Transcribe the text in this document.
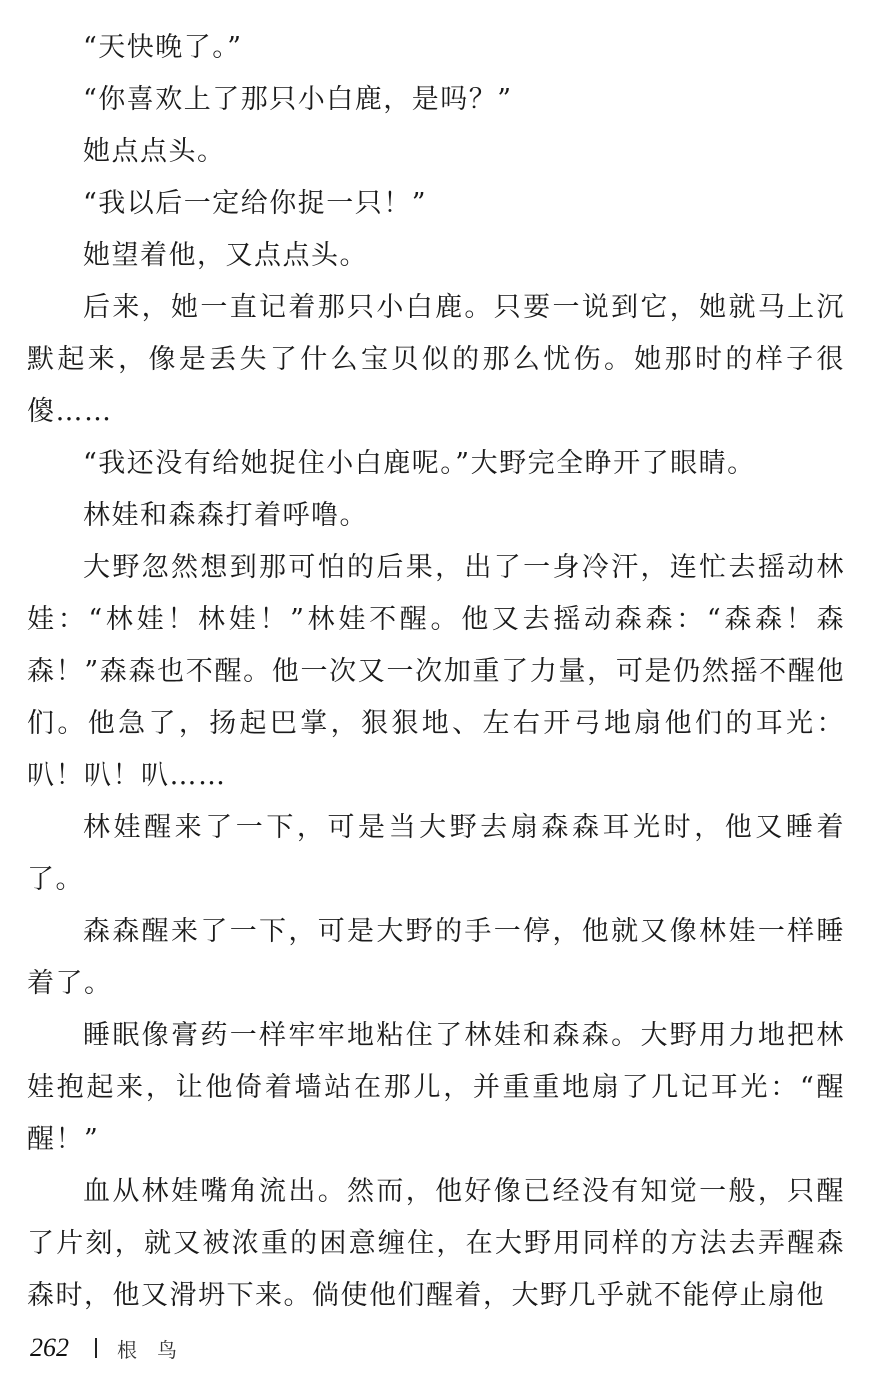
“天快晚了。”

“你喜欢上了那只小白鹿，是吗？”

她点点头。

“我以后一定给你捉一只！”

她望着他，又点点头。

后来，她一直记着那只小白鹿。只要一说到它，她就马上沉默起来，像是丢失了什么宝贝似的那么忧伤。她那时的样子很傻……

“我还没有给她捉住小白鹿呢。”大野完全睁开了眼睛。

林娃和森森打着呼噜。

大野忽然想到那可怕的后果，出了一身冷汗，连忙去摇动林娃：“林娃！林娃！”林娃不醒。他又去摇动森森：“森森！森森！”森森也不醒。他一次又一次加重了力量，可是仍然摇不醒他们。他急了，扬起巴掌，狠狠地、左右开弓地扇他们的耳光：叭！叭！叭……

林娃醒来了一下，可是当大野去扇森森耳光时，他又睡着了。

森森醒来了一下，可是大野的手一停，他就又像林娃一样睡着了。

睡眠像膏药一样牢牢地粘住了林娃和森森。大野用力地把林娃抱起来，让他倚着墙站在那儿，并重重地扇了几记耳光：“醒醒！”

血从林娃嘴角流出。然而，他好像已经没有知觉一般，只醒了片刻，就又被浓重的困意缠住，在大野用同样的方法去弄醒森森时，他又滑坍下来。倘使他们醒着，大野几乎就不能停止扇他

262 根鸟
